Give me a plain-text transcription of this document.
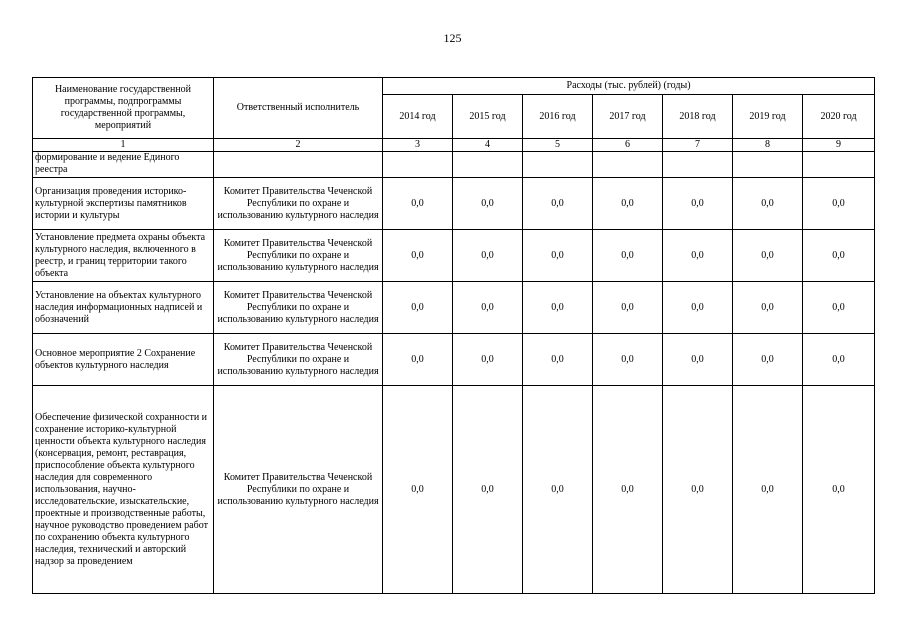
125
Наименование государственной программы, подпрограммы государственной программы, мероприятий	Ответственный исполнитель	Расходы (тыс. рублей) (годы)						
		2014 год	2015 год	2016 год	2017 год	2018 год	2019 год	2020 год
1	2	3	4	5	6	7	8	9
формирование и ведение Единого реестра								
Организация проведения историко-культурной экспертизы памятников истории и культуры	Комитет Правительства Чеченской Республики по охране и использованию культурного наследия	0,0	0,0	0,0	0,0	0,0	0,0	0,0
Установление предмета охраны объекта культурного наследия, включенного в реестр, и границ территории такого объекта	Комитет Правительства Чеченской Республики по охране и использованию культурного наследия	0,0	0,0	0,0	0,0	0,0	0,0	0,0
Установление на объектах культурного наследия информационных надписей и обозначений	Комитет Правительства Чеченской Республики по охране и использованию культурного наследия	0,0	0,0	0,0	0,0	0,0	0,0	0,0
Основное мероприятие 2 Сохранение объектов культурного наследия	Комитет Правительства Чеченской Республики по охране и использованию культурного наследия	0,0	0,0	0,0	0,0	0,0	0,0	0,0
Обеспечение физической сохранности и сохранение историко-культурной ценности объекта культурного наследия (консервация, ремонт, реставрация, приспособление объекта культурного наследия для современного использования, научно-исследовательские, изыскательские, проектные и производственные работы, научное руководство проведением работ по сохранению объекта культурного наследия, технический и авторский надзор за проведением	Комитет Правительства Чеченской Республики по охране и использованию культурного наследия	0,0	0,0	0,0	0,0	0,0	0,0	0,0
